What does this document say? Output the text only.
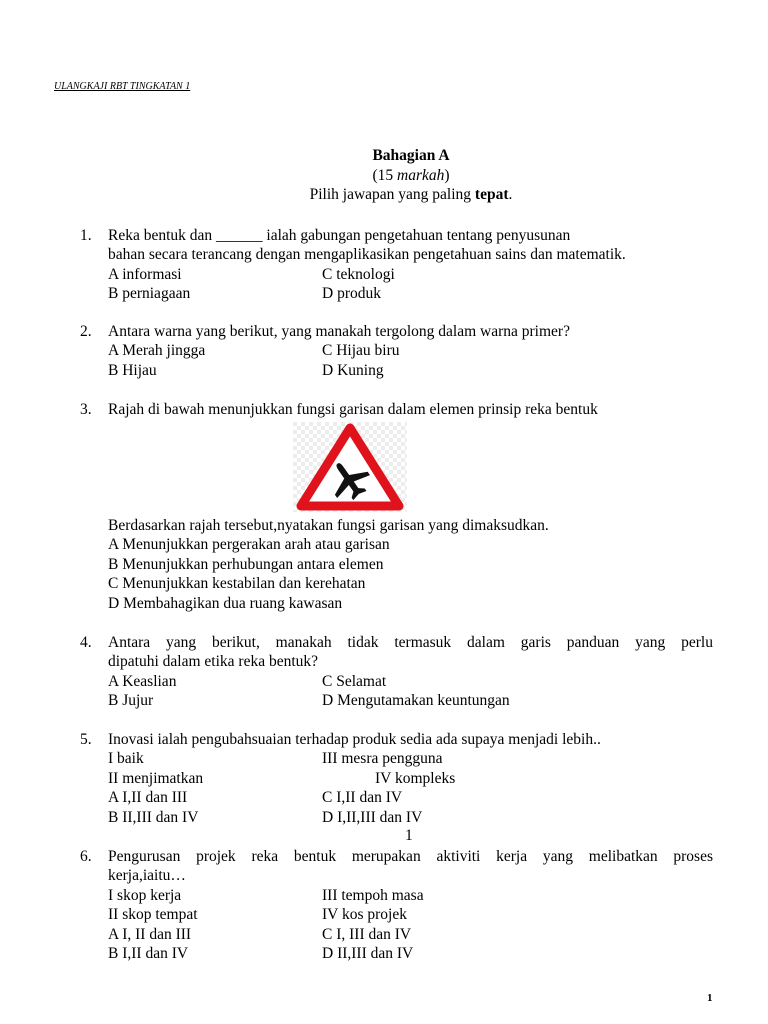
ULANGKAJI RBT TINGKATAN 1
Bahagian A
(15 markah)
Pilih jawapan yang paling tepat.
1. Reka bentuk dan ______ ialah gabungan pengetahuan tentang penyusunan
bahan secara terancang dengan mengaplikasikan pengetahuan sains dan matematik.
A informasi	C teknologi
B perniagaan	D produk
2. Antara warna yang berikut, yang manakah tergolong dalam warna primer?
A Merah jingga	C Hijau biru
B Hijau	D Kuning
3. Rajah di bawah menunjukkan fungsi garisan dalam elemen prinsip reka bentuk
Berdasarkan rajah tersebut,nyatakan fungsi garisan yang dimaksudkan.
A Menunjukkan pergerakan arah atau garisan
B Menunjukkan perhubungan antara elemen
C Menunjukkan kestabilan dan kerehatan
D Membahagikan dua ruang kawasan
4. Antara yang berikut, manakah tidak termasuk dalam garis panduan yang perlu
dipatuhi dalam etika reka bentuk?
A Keaslian	C Selamat
B Jujur	D Mengutamakan keuntungan
5. Inovasi ialah pengubahsuaian terhadap produk sedia ada supaya menjadi lebih..
I baik	III mesra pengguna
II menjimatkan	IV kompleks
A I,II dan III	C I,II dan IV
B II,III dan IV	D I,II,III dan IV
1
6. Pengurusan projek reka bentuk merupakan aktiviti kerja yang melibatkan proses
kerja,iaitu…
I skop kerja	III tempoh masa
II skop tempat	IV kos projek
A I, II dan III	C I, III dan IV
B I,II dan IV	D II,III dan IV
1
